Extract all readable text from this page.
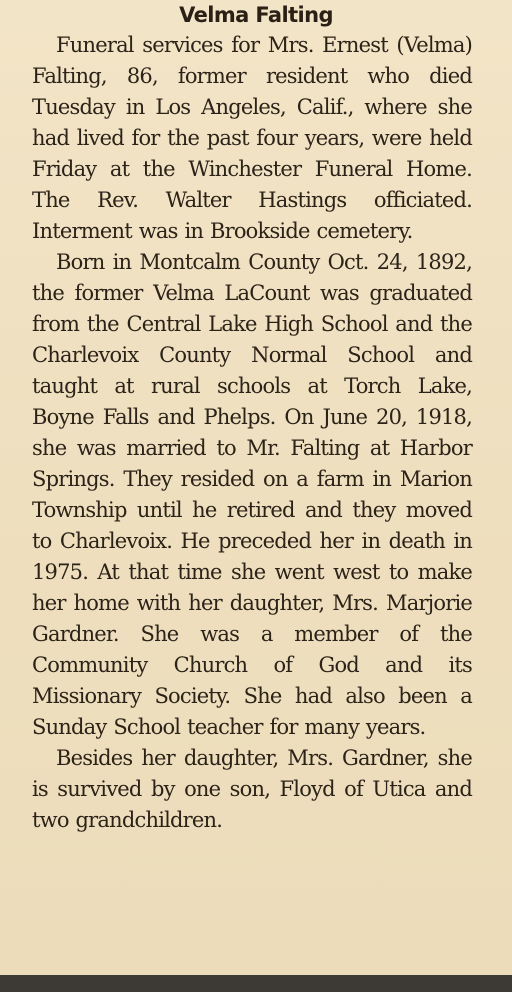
Velma Falting

Funeral services for Mrs. Ernest (Velma) Falting, 86, former resident who died Tuesday in Los Angeles, Calif., where she had lived for the past four years, were held Friday at the Winchester Funeral Home. The Rev. Walter Hastings officiated. Interment was in Brookside cemetery.

Born in Montcalm County Oct. 24, 1892, the former Velma LaCount was graduated from the Central Lake High School and the Charlevoix County Normal School and taught at rural schools at Torch Lake, Boyne Falls and Phelps. On June 20, 1918, she was married to Mr. Falting at Harbor Springs. They resided on a farm in Marion Township until he retired and they moved to Charlevoix. He preceded her in death in 1975. At that time she went west to make her home with her daughter, Mrs. Marjorie Gardner. She was a member of the Community Church of God and its Missionary Society. She had also been a Sunday School teacher for many years.

Besides her daughter, Mrs. Gardner, she is survived by one son, Floyd of Utica and two grandchildren.
